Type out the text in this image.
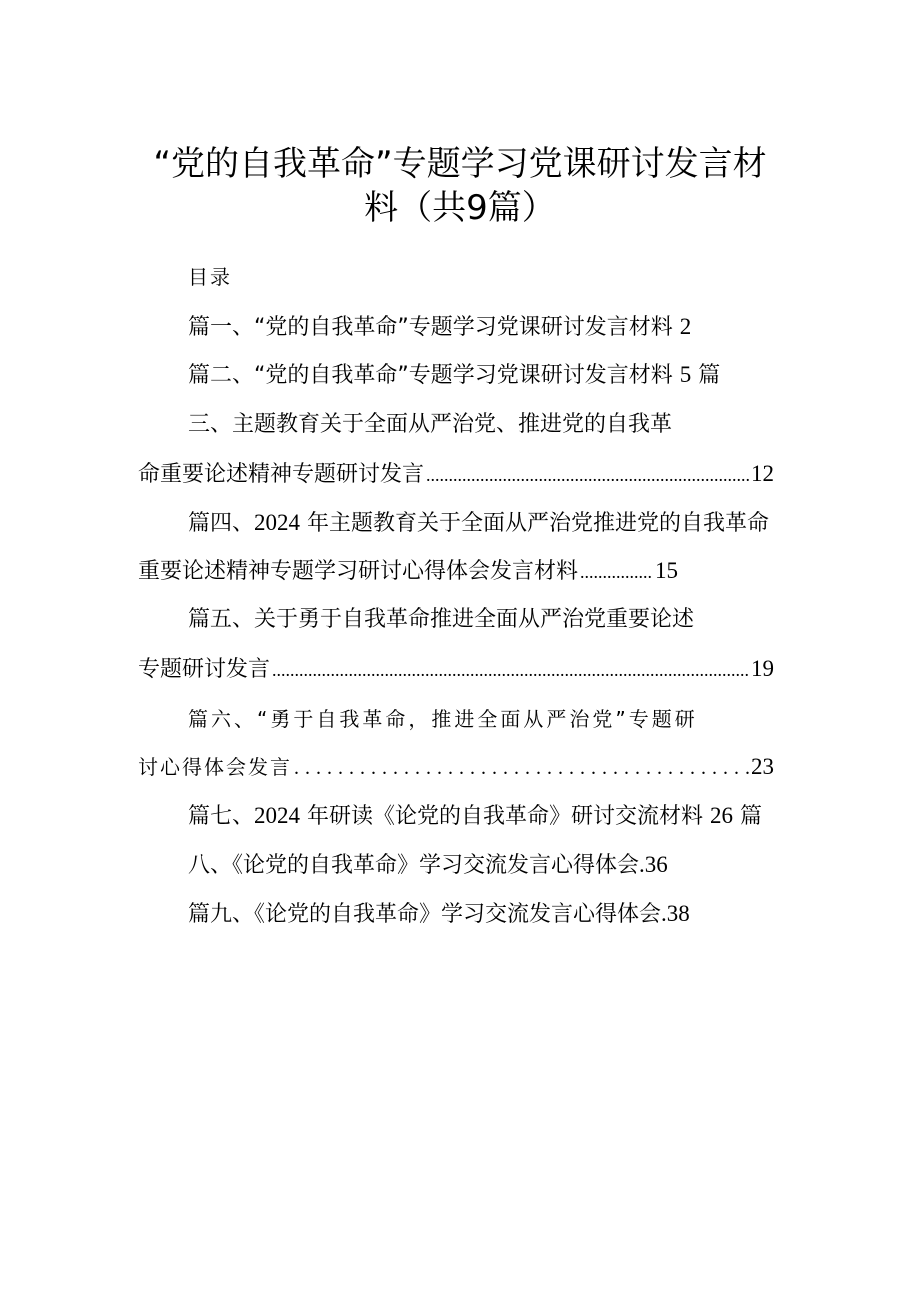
“党的自我革命”专题学习党课研讨发言材
料（共9篇）
目录
篇一、“党的自我革命”专题学习党课研讨发言材料 2
篇二、“党的自我革命”专题学习党课研讨发言材料 5 篇
三、主题教育关于全面从严治党、推进党的自我革
命重要论述精神专题研讨发言 .....	12
篇四、2024 年主题教育关于全面从严治党推进党的自我革命
重要论述精神专题学习研讨心得体会发言材料 .....	15
篇五、关于勇于自我革命推进全面从严治党重要论述
专题研讨发言 .....	19
篇六、“勇于自我革命，推进全面从严治党”专题研
讨心得体会发言 .....	23
篇七、2024 年研读《论党的自我革命》研讨交流材料 26 篇
八、《论党的自我革命》学习交流发言心得体会.36
篇九、《论党的自我革命》学习交流发言心得体会.38
